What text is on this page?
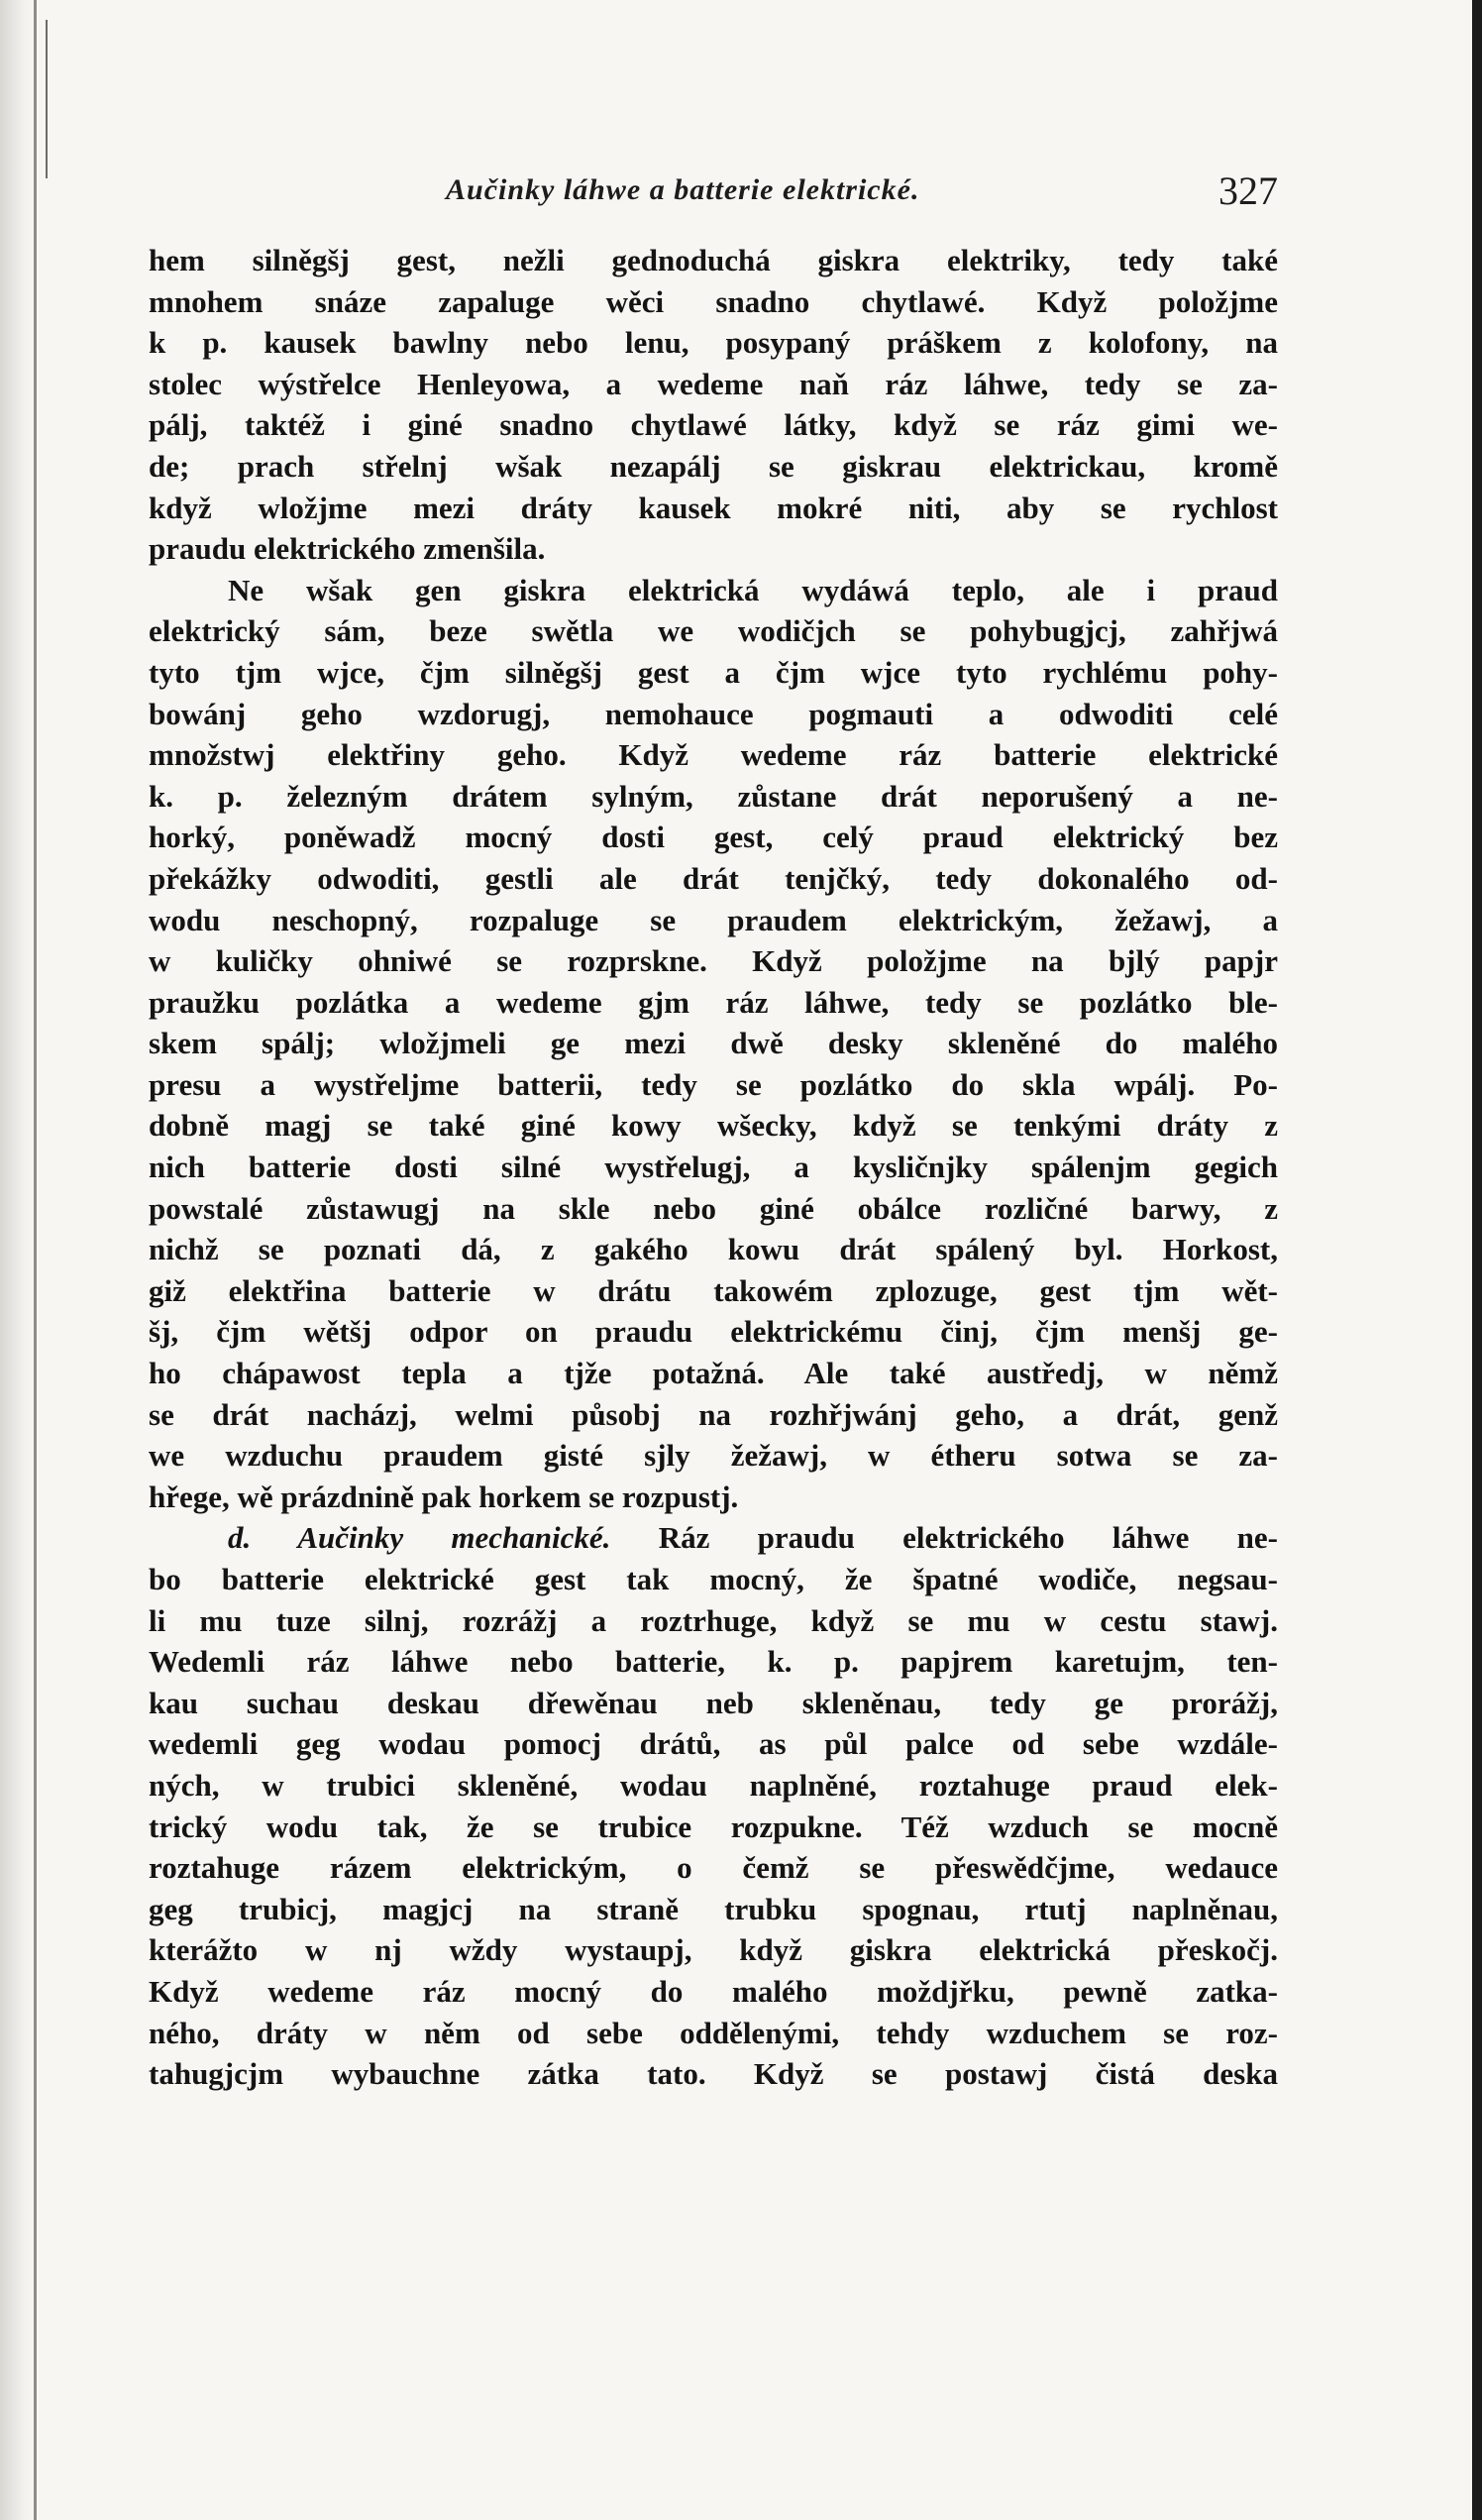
Aučinky láhwe a batterie elektrické.	327
hem silněgšj gest, nežli gednoduchá giskra elektriky, tedy také
mnohem snáze zapaluge wěci snadno chytlawé. Když položjme
k p. kausek bawlny nebo lenu, posypaný práškem z kolofony, na
stolec wýstřelce Henleyowa, a wedeme naň ráz láhwe, tedy se za-
pálj, taktéž i giné snadno chytlawé látky, když se ráz gimi we-
de; prach střelnj wšak nezapálj se giskrau elektrickau, kromě
když wložjme mezi dráty kausek mokré niti, aby se rychlost
praudu elektrického zmenšila.
Ne wšak gen giskra elektrická wydáwá teplo, ale i praud
elektrický sám, beze swětla we wodičjch se pohybugjcj, zahřjwá
tyto tjm wjce, čjm silněgšj gest a čjm wjce tyto rychlému pohy-
bowánj geho wzdorugj, nemohauce pogmauti a odwoditi celé
množstwj elektřiny geho. Když wedeme ráz batterie elektrické
k. p. železným drátem sylným, zůstane drát neporušený a ne-
horký, poněwadž mocný dosti gest, celý praud elektrický bez
překážky odwoditi, gestli ale drát tenjčký, tedy dokonalého od-
wodu neschopný, rozpaluge se praudem elektrickým, žežawj, a
w kuličky ohniwé se rozprskne. Když položjme na bjlý papjr
praužku pozlátka a wedeme gjm ráz láhwe, tedy se pozlátko ble-
skem spálj; wložjmeli ge mezi dwě desky skleněné do malého
presu a wystřeljme batterii, tedy se pozlátko do skla wpálj. Po-
dobně magj se také giné kowy wšecky, když se tenkými dráty z
nich batterie dosti silné wystřelugj, a kysličnjky spálenjm gegich
powstalé zůstawugj na skle nebo giné obálce rozličné barwy, z
nichž se poznati dá, z gakého kowu drát spálený byl. Horkost,
giž elektřina batterie w drátu takowém zplozuge, gest tjm wět-
šj, čjm wětšj odpor on praudu elektrickému činj, čjm menšj ge-
ho chápawost tepla a tjže potažná. Ale také austředj, w němž
se drát nacházj, welmi působj na rozhřjwánj geho, a drát, genž
we wzduchu praudem gisté sjly žežawj, w étheru sotwa se za-
hřege, wě prázdnině pak horkem se rozpustj.
d. Aučinky mechanické. Ráz praudu elektrického láhwe ne-
bo batterie elektrické gest tak mocný, že špatné wodiče, negsau-
li mu tuze silnj, rozrážj a roztrhuge, když se mu w cestu stawj.
Wedemli ráz láhwe nebo batterie, k. p. papjrem karetujm, ten-
kau suchau deskau dřewěnau neb skleněnau, tedy ge prorážj,
wedemli geg wodau pomocj drátů, as půl palce od sebe wzdále-
ných, w trubici skleněné, wodau naplněné, roztahuge praud elek-
trický wodu tak, že se trubice rozpukne. Též wzduch se mocně
roztahuge rázem elektrickým, o čemž se přeswědčjme, wedauce
geg trubicj, magjcj na straně trubku spognau, rtutj naplněnau,
kterážto w nj wždy wystaupj, když giskra elektrická přeskočj.
Když wedeme ráz mocný do malého moždjřku, pewně zatka-
ného, dráty w něm od sebe oddělenými, tehdy wzduchem se roz-
tahugjcjm wybauchne zátka tato. Když se postawj čistá deska
